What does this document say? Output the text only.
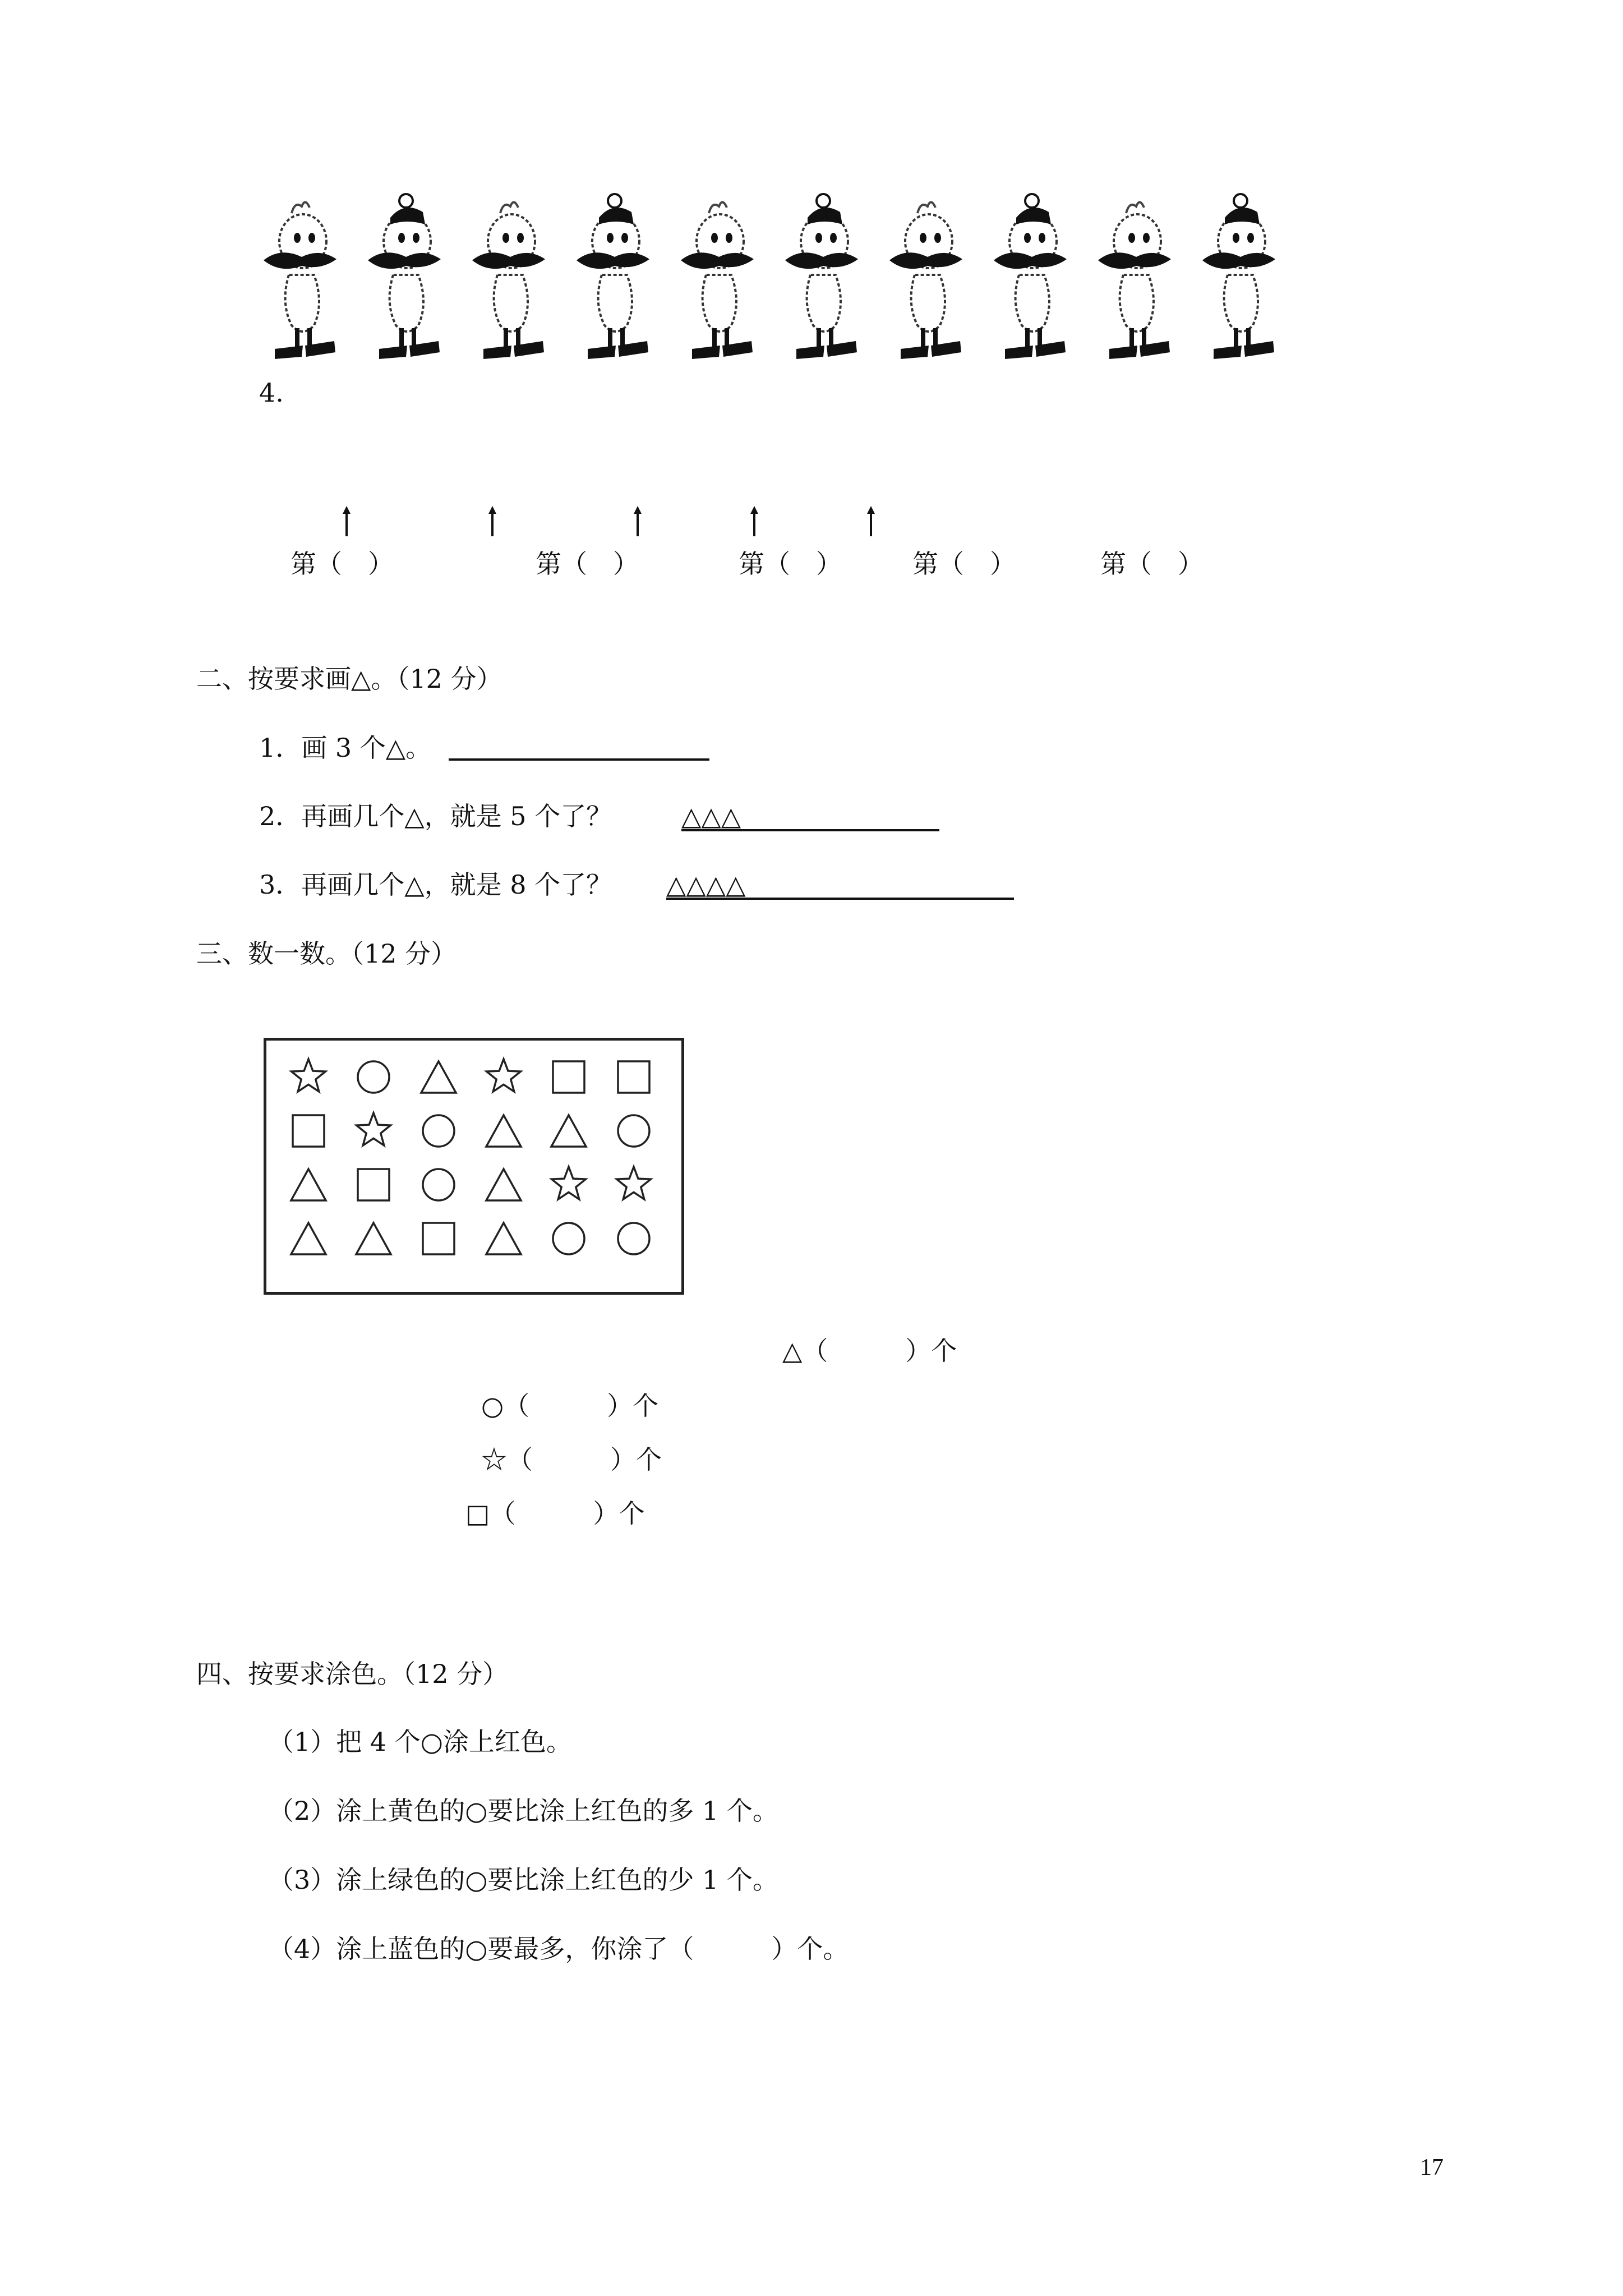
4.
第（　）	第（　）	第（　）	第（　）	第（　）
二、按要求画△。（12 分）
1．画 3 个△。
2．再画几个△，就是 5 个了？	△△△
3．再画几个△，就是 8 个了？ △△△△
三、数一数。（12 分）
△（　　　）个
○（　　　）个
☆（　　　）个
□（　　　）个
四、按要求涂色。（12 分）
（1）把 4 个○涂上红色。
（2）涂上黄色的○要比涂上红色的多 1 个。
（3）涂上绿色的○要比涂上红色的少 1 个。
（4）涂上蓝色的○要最多，你涂了（　　　）个。
17
